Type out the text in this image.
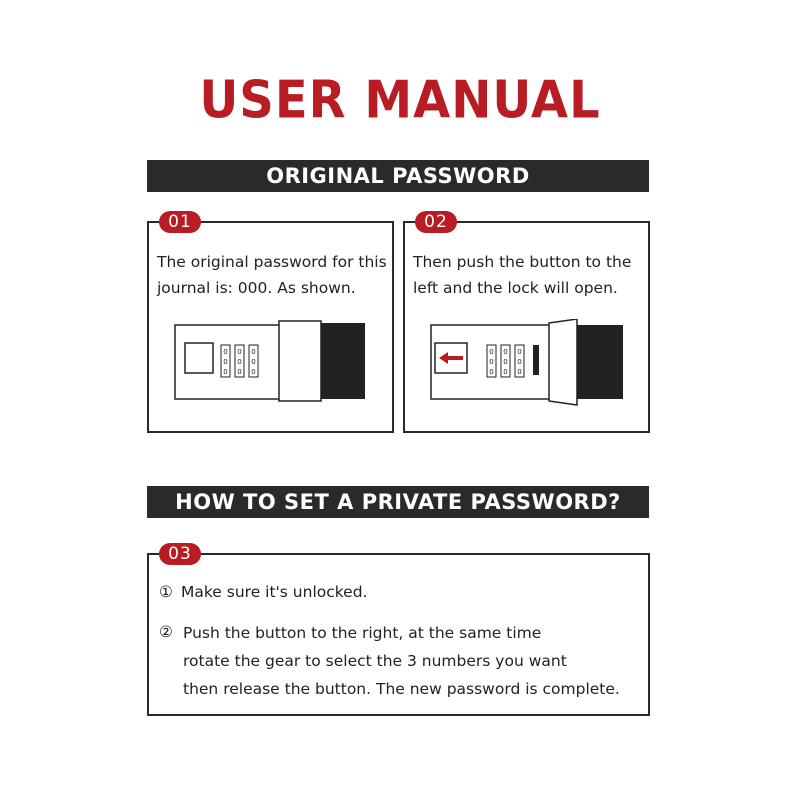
USER MANUAL
ORIGINAL PASSWORD
01
The original password for this
journal is: 000. As shown.
0
0
0
0
0
0
0
0
0
02
Then push the button to the
left and the lock will open.
0
0
0
0
0
0
0
0
0
HOW TO SET A PRIVATE PASSWORD?
03
① Make sure it's unlocked.
② Push the button to the right, at the same time
rotate the gear to select the 3 numbers you want
then release the button. The new password is complete.
